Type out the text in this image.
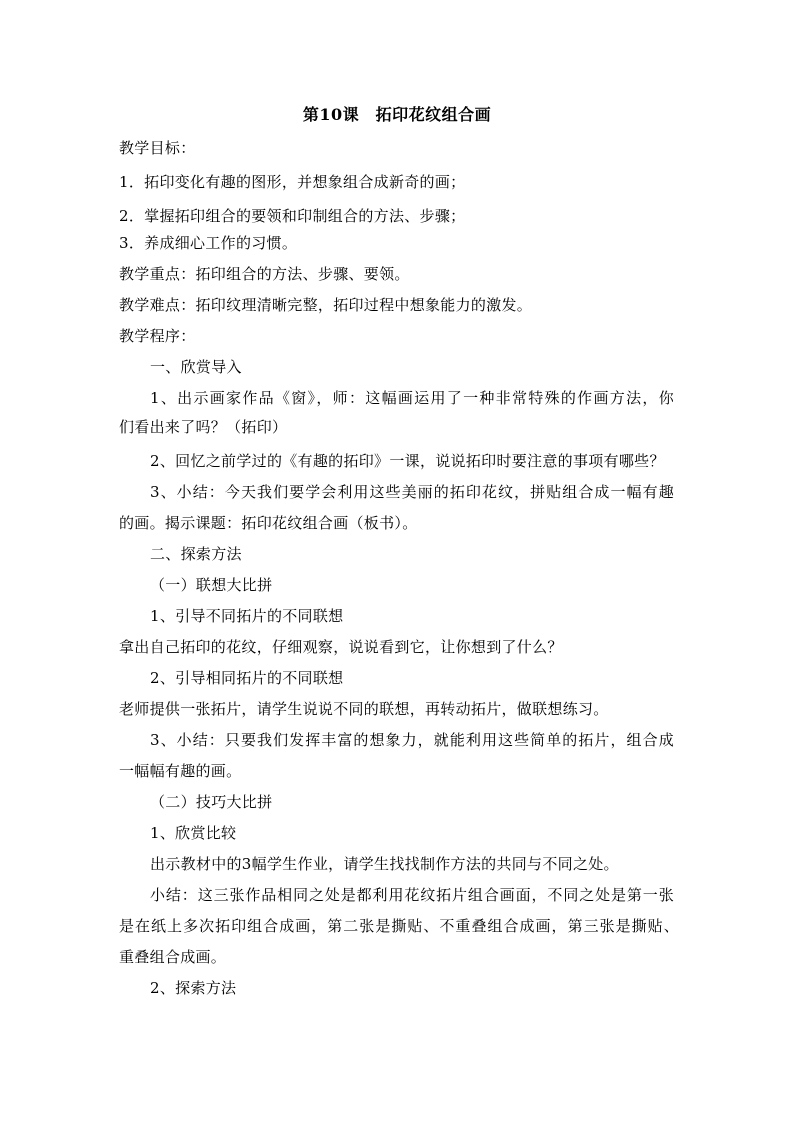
第10课　拓印花纹组合画
教学目标：
1．拓印变化有趣的图形，并想象组合成新奇的画；
2．掌握拓印组合的要领和印制组合的方法、步骤；
3．养成细心工作的习惯。
教学重点：拓印组合的方法、步骤、要领。
教学难点：拓印纹理清晰完整，拓印过程中想象能力的激发。
教学程序：
一、欣赏导入
1、出示画家作品《窗》，师：这幅画运用了一种非常特殊的作画方法，你
们看出来了吗？（拓印）
2、回忆之前学过的《有趣的拓印》一课，说说拓印时要注意的事项有哪些？
3、小结：今天我们要学会利用这些美丽的拓印花纹，拼贴组合成一幅有趣
的画。揭示课题：拓印花纹组合画（板书）。
二、探索方法
（一）联想大比拼
1、引导不同拓片的不同联想
拿出自己拓印的花纹，仔细观察，说说看到它，让你想到了什么？
2、引导相同拓片的不同联想
老师提供一张拓片，请学生说说不同的联想，再转动拓片，做联想练习。
3、小结：只要我们发挥丰富的想象力，就能利用这些简单的拓片，组合成
一幅幅有趣的画。
（二）技巧大比拼
1、欣赏比较
出示教材中的3幅学生作业，请学生找找制作方法的共同与不同之处。
小结：这三张作品相同之处是都利用花纹拓片组合画面，不同之处是第一张
是在纸上多次拓印组合成画，第二张是撕贴、不重叠组合成画，第三张是撕贴、
重叠组合成画。
2、探索方法
